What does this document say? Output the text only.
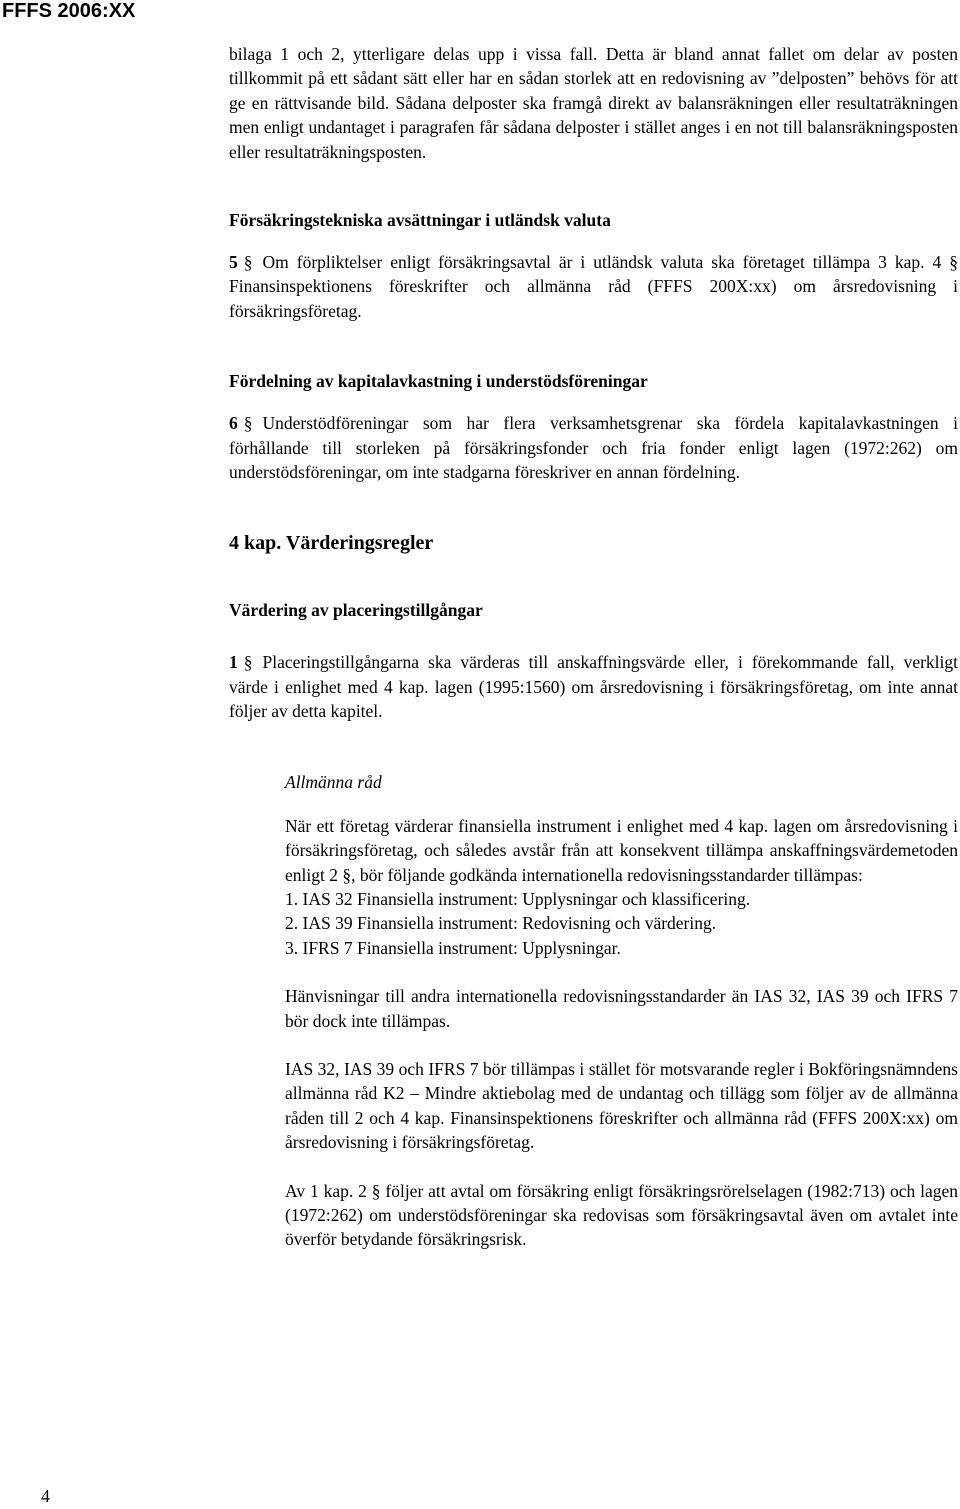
FFFS 2006:XX

bilaga 1 och 2, ytterligare delas upp i vissa fall. Detta är bland annat fallet om delar av posten tillkommit på ett sådant sätt eller har en sådan storlek att en redovisning av ”delposten” behövs för att ge en rättvisande bild. Sådana delposter ska framgå direkt av balansräkningen eller resultaträkningen men enligt undantaget i paragrafen får sådana delposter i stället anges i en not till balansräkningsposten eller resultaträkningsposten.

Försäkringstekniska avsättningar i utländsk valuta

5 § Om förpliktelser enligt försäkringsavtal är i utländsk valuta ska företaget tillämpa 3 kap. 4 § Finansinspektionens föreskrifter och allmänna råd (FFFS 200X:xx) om årsredovisning i försäkringsföretag.

Fördelning av kapitalavkastning i understödsföreningar

6 § Understödföreningar som har flera verksamhetsgrenar ska fördela kapitalavkastningen i förhållande till storleken på försäkringsfonder och fria fonder enligt lagen (1972:262) om understödsföreningar, om inte stadgarna föreskriver en annan fördelning.

4 kap. Värderingsregler
Värdering av placeringstillgångar

1 § Placeringstillgångarna ska värderas till anskaffningsvärde eller, i förekommande fall, verkligt värde i enlighet med 4 kap. lagen (1995:1560) om årsredovisning i försäkringsföretag, om inte annat följer av detta kapitel.

Allmänna råd

När ett företag värderar finansiella instrument i enlighet med 4 kap. lagen om årsredovisning i försäkringsföretag, och således avstår från att konsekvent tillämpa anskaffningsvärdemetoden enligt 2 §, bör följande godkända internationella redovisningsstandarder tillämpas:

1. IAS 32 Finansiella instrument: Upplysningar och klassificering.
2. IAS 39 Finansiella instrument: Redovisning och värdering.
3. IFRS 7 Finansiella instrument: Upplysningar.

Hänvisningar till andra internationella redovisningsstandarder än IAS 32, IAS 39 och IFRS 7 bör dock inte tillämpas.

IAS 32, IAS 39 och IFRS 7 bör tillämpas i stället för motsvarande regler i Bokföringsnämndens allmänna råd K2 – Mindre aktiebolag med de undantag och tillägg som följer av de allmänna råden till 2 och 4 kap. Finansinspektionens föreskrifter och allmänna råd (FFFS 200X:xx) om årsredovisning i försäkringsföretag.

Av 1 kap. 2 § följer att avtal om försäkring enligt försäkringsrörelselagen (1982:713) och lagen (1972:262) om understödsföreningar ska redovisas som försäkringsavtal även om avtalet inte överför betydande försäkringsrisk.

4
